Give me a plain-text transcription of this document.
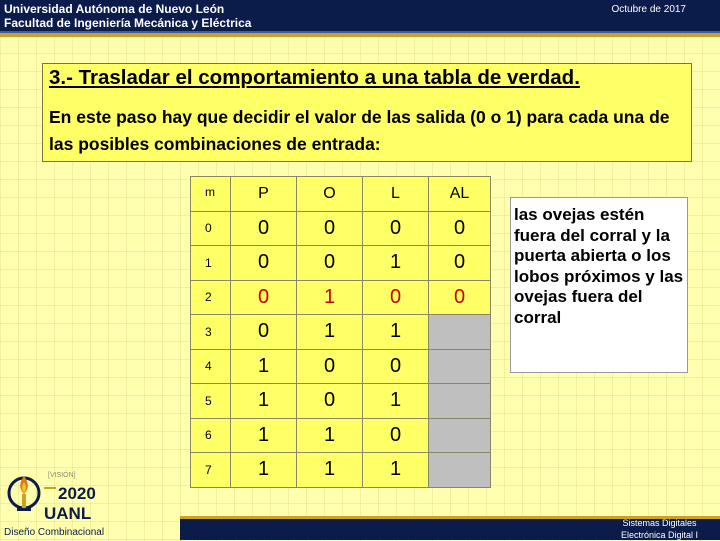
Universidad Autónoma de Nuevo León
Facultad de Ingeniería Mecánica y Eléctrica
Octubre de 2017
3.- Trasladar el comportamiento a una tabla de verdad.
En este paso hay que decidir el valor de las salida (0 o 1) para cada una de las posibles combinaciones de entrada:
m	P	O	L	AL
0	0	0	0	0
1	0	0	1	0
2	0	1	0	0
3	0	1	1	
4	1	0	0	
5	1	0	1	
6	1	1	0	
7	1	1	1	
las ovejas estén fuera del corral y la puerta abierta o los lobos próximos y las ovejas fuera del corral
[VISIÓN]
2020
UANL
Diseño Combinacional
Sistemas Digitales
Electrónica Digital I
